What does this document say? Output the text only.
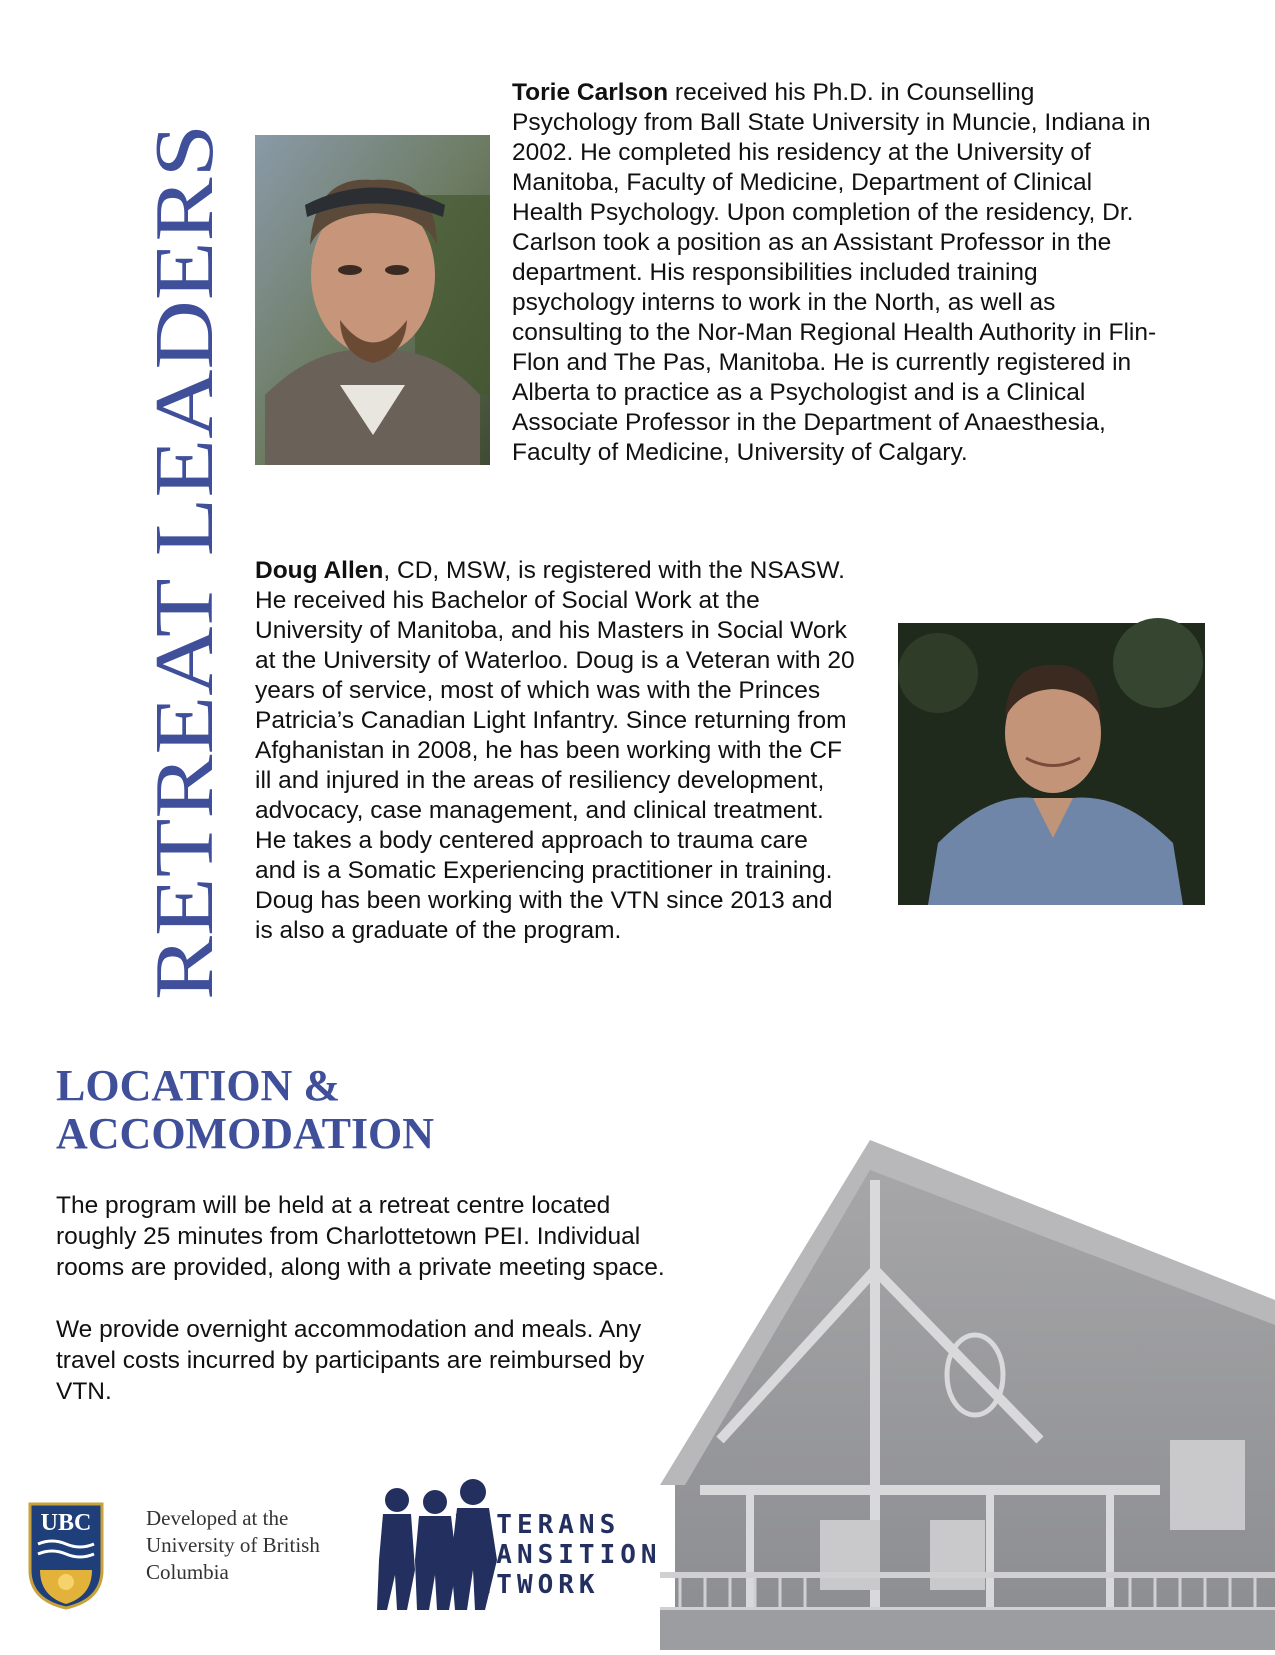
RETREAT LEADERS
Torie Carlson received his Ph.D. in Counselling Psychology from Ball State University in Muncie, Indiana in 2002. He completed his residency at the University of Manitoba, Faculty of Medicine, Department of Clinical Health Psychology. Upon completion of the residency, Dr. Carlson took a position as an Assistant Professor in the department. His responsibilities included training psychology interns to work in the North, as well as consulting to the Nor-Man Regional Health Authority in Flin-Flon and The Pas, Manitoba. He is currently registered in Alberta to practice as a Psychologist and is a Clinical Associate Professor in the Department of Anaesthesia, Faculty of Medicine, University of Calgary.
Doug Allen, CD, MSW, is registered with the NSASW. He received his Bachelor of Social Work at the University of Manitoba, and his Masters in Social Work at the University of Waterloo. Doug is a Veteran with 20 years of service, most of which was with the Princes Patricia’s Canadian Light Infantry. Since returning from Afghanistan in 2008, he has been working with the CF ill and injured in the areas of resiliency development, advocacy, case management, and clinical treatment. He takes a body centered approach to trauma care and is a Somatic Experiencing practitioner in training. Doug has been working with the VTN since 2013 and is also a graduate of the program.
LOCATION &
ACCOMODATION

The program will be held at a retreat centre located roughly 25 minutes from Charlottetown PEI. Individual rooms are provided, along with a private meeting space.

We provide overnight accommodation and meals. Any travel costs incurred by participants are reimbursed by VTN.

UBC	Developed at the
University of British
Columbia
VETERANS
TRANSITION
NETWORK
